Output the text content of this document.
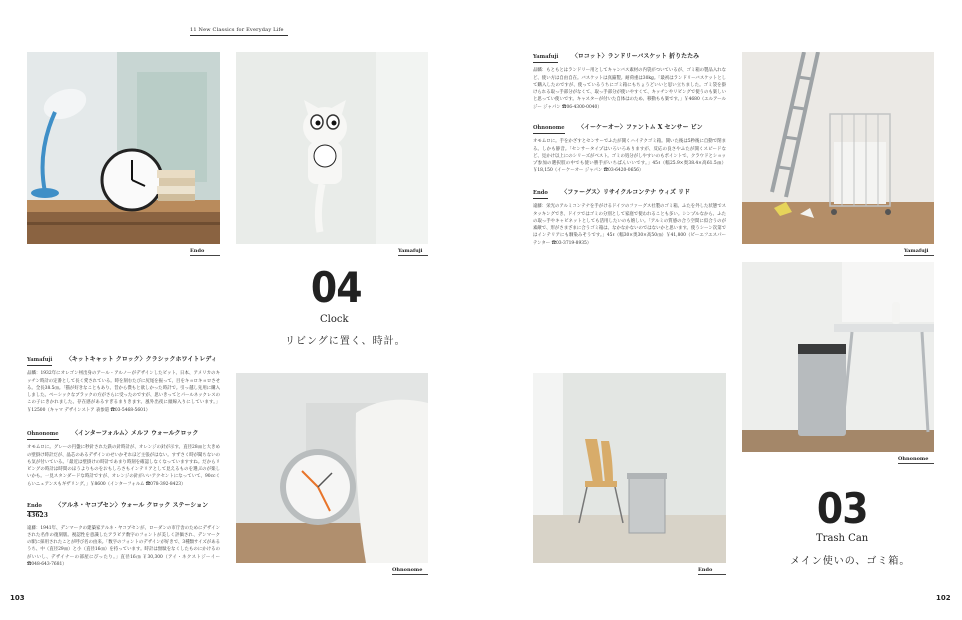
11 New Classics for Everyday Life
Endo	Yamafuji
04
Clock
リビングに置く、時計。
Yamafuji 〈キットキャット クロック〉クラシックホワイトレディ
品麟：1932年にオレゴン州出身のアール・アルノーがデザインしたビット、日本、アメリカのキッチン時計の定番として長く愛されている。時を刻むたびに尻尾を振って、目をキョロキョロさせる。全長38.5㎝。「猫が好きなこともあり、昔から僕もと欲しかった時計で。引っ越し先用に購入しました。ベーシックなブラックの方がさらに受ったのですが、思いきってとパールネックレスのこの子にきかれました。存在感があるすぎるまりきます。風外出夜に頭線入りにしています。」￥12500（キャマ デザインストア 表参道 ☎03-5468-5601）
Ohnonome 〈インターフォルム〉メルフ ウォールクロック
オモムロに。グレーの円盤に秒針された鉄の針時計が、オレンジの針が示す。直径28㎝と大きめの壁掛け時計だが、晶芯のあるデザインのせいかそれほど主張がはない。すずさく時が聞ちないのも気が付いている。「最近は壁掛けの時計であまり時刻を確認しなくなっていますすね。だからリビングの時計は時間のほうよりものをおもしろさもインテリアとして見えるものを選ぶのが楽しいかも。一見スタンダードな時計ですが、オレンジの針がいいアクセントになっていて、90ccくらいニュアンスもギザリング。」￥8600（インターフォルム ☎078-392-8423）
Endo 〈アルネ・ヤコブセン〉ウォール クロック ステーション 43623
遠藤：1941年、デンマークの建築家アルネ・ヤコブセンが、ローダンの市庁舎のためにデザインされた名作の復刻版。視認性を意識したアラビア数字のフォントが美しく評価され、デンマークの駅に採用されたことが呼び名の由来。「数字のフォントのデザインが好きで、3種類サイズがあるうち、中（直径29㎝）と小（直径16㎝）を持っています。時計は無駄をなくしたものにかけるのがいいし、デザイナーの部屋にぴったり。」直径16㎝ ￥30,300（アイ・ネクストジーイー ☎048-643-7681）
Ohnonome
103
Yamafuji 〈ロコット〉ランドリーバスケット 折りたたみ
品麟：もともとはランドリー用としてキャンバス素材の内袋がついているが、ゴミ箱の製品入れなど、使い方は自由自在。バスケットは真鍮製。耐荷重は30kg。「最初はランドリーバスケットとして購入したのですが、使っているうちにゴミ箱にもちょうどいいと思い立ちました。ゴミ袋を掛けられる取っ手部分がなくて、取っ手部分が使いやすくて、キッチンやリビングで使うのも楽しいと思ってい使いです。キャスターが付いた自体はのため、移動もも楽です。」￥4680（エルアールジー ジャパン ☎06-4300-0040）
Ohnonome 〈イーケーオー〉ファントム X センサー ビン
オモムロに。手をかざすとセンサーでふたが開くハイテクゴミ箱。開いた後は5秒後に自動で閉まる。しかも静音。「センサータイプはいろいろありますが、反応の良さやふたが開くスピードなど、見かけ以上にのシリーズがベスト。ゴミの処分がしやすいのもポイントで、クラウドとショップ参加の選択肢の中でも使い勝手がいちばんいいです。」45ℓ（幅25.9×奥38.4×高61.5㎝）￥18,150（イーケーオー ジャパン ☎03-6420-0656）
Endo 〈ファーグス〉リサイクルコンテナ ウィズ リド
遠藤：栄光のアルミコンテナを手がけるドイツのファーグス社製のゴミ箱。ふたを外した状態でスタッキングでき、ドイツではゴミの分別として家庭で使われることも多い。シンプルなから、ふたの取っ手やキャビネットとしても活用したいのも嬉しい。「アルミの質感の合う空間に似合うのが素敵で、形がさまざまに合うゴミ箱は、なかなかないのではないかと思います。使うシーン次第ではインテリアにも馴染みそうです。」45ℓ（幅30×奥30×高50㎝）￥41,800（ビーエフエスパーテンター ☎03-3719-8935）
Yamafuji
Ohnonome
Endo
03
Trash Can
メイン使いの、ゴミ箱。
102
